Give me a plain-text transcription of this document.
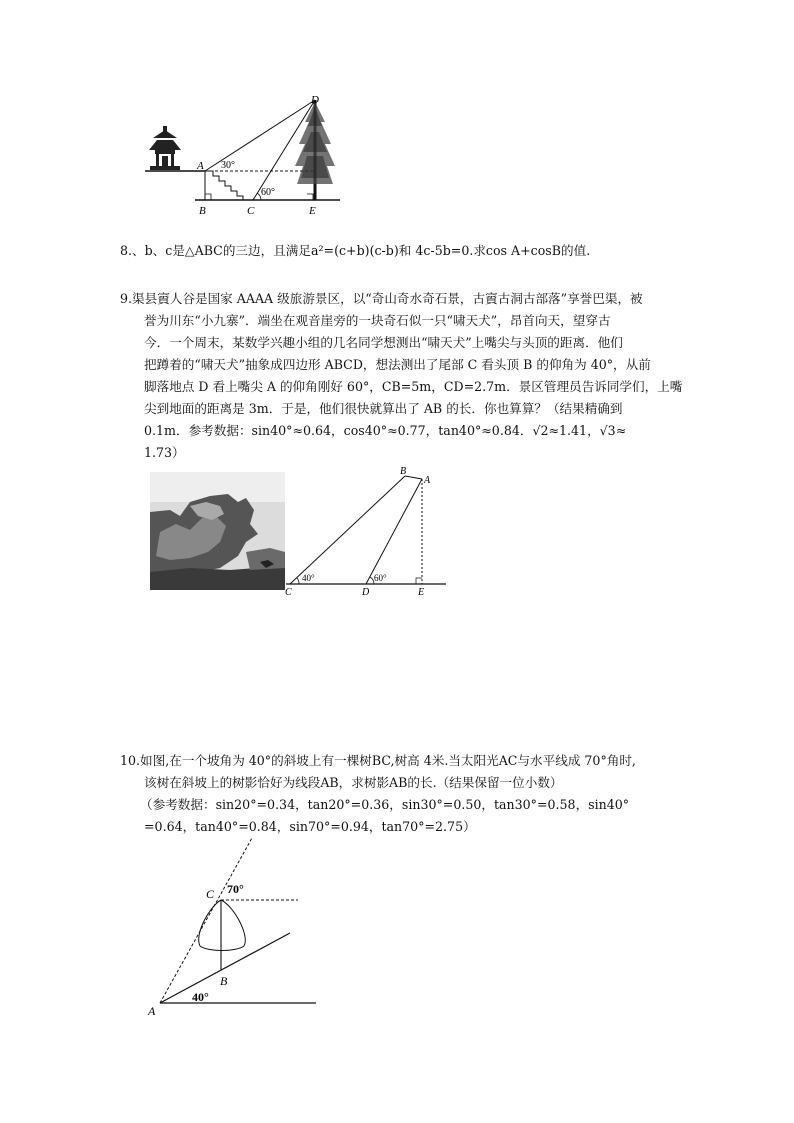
D
A 30°
60°
B	C	E
8.、b、c是△ABC的三边，且满足a²=(c+b)(c-b)和 4c-5b=0.求cos A+cosB的值.
9.渠县賨人谷是国家 AAAA 级旅游景区，以“奇山奇水奇石景，古賨古洞古部落”享誉巴渠，被
誉为川东“小九寨”．端坐在观音崖旁的一块奇石似一只“啸天犬”，昂首向天，望穿古
今．一个周末，某数学兴趣小组的几名同学想测出“啸天犬”上嘴尖与头顶的距离．他们
把蹲着的“啸天犬”抽象成四边形 ABCD，想法测出了尾部 C 看头顶 B 的仰角为 40°，从前
脚落地点 D 看上嘴尖 A 的仰角刚好 60°，CB=5m，CD=2.7m．景区管理员告诉同学们，上嘴
尖到地面的距离是 3m．于是，他们很快就算出了 AB 的长．你也算算？（结果精确到
0.1m．参考数据：sin40°≈0.64，cos40°≈0.77，tan40°≈0.84．√2≈1.41，√3≈
1.73）
B
A
40°	60°
C	D	E
10.如图,在一个坡角为 40°的斜坡上有一棵树BC,树高 4米.当太阳光AC与水平线成 70°角时,
该树在斜坡上的树影恰好为线段AB，求树影AB的长.（结果保留一位小数）
（参考数据：sin20°=0.34，tan20°=0.36，sin30°=0.50，tan30°=0.58，sin40°
=0.64，tan40°=0.84，sin70°=0.94，tan70°=2.75）
C 70°
B
40°
A
